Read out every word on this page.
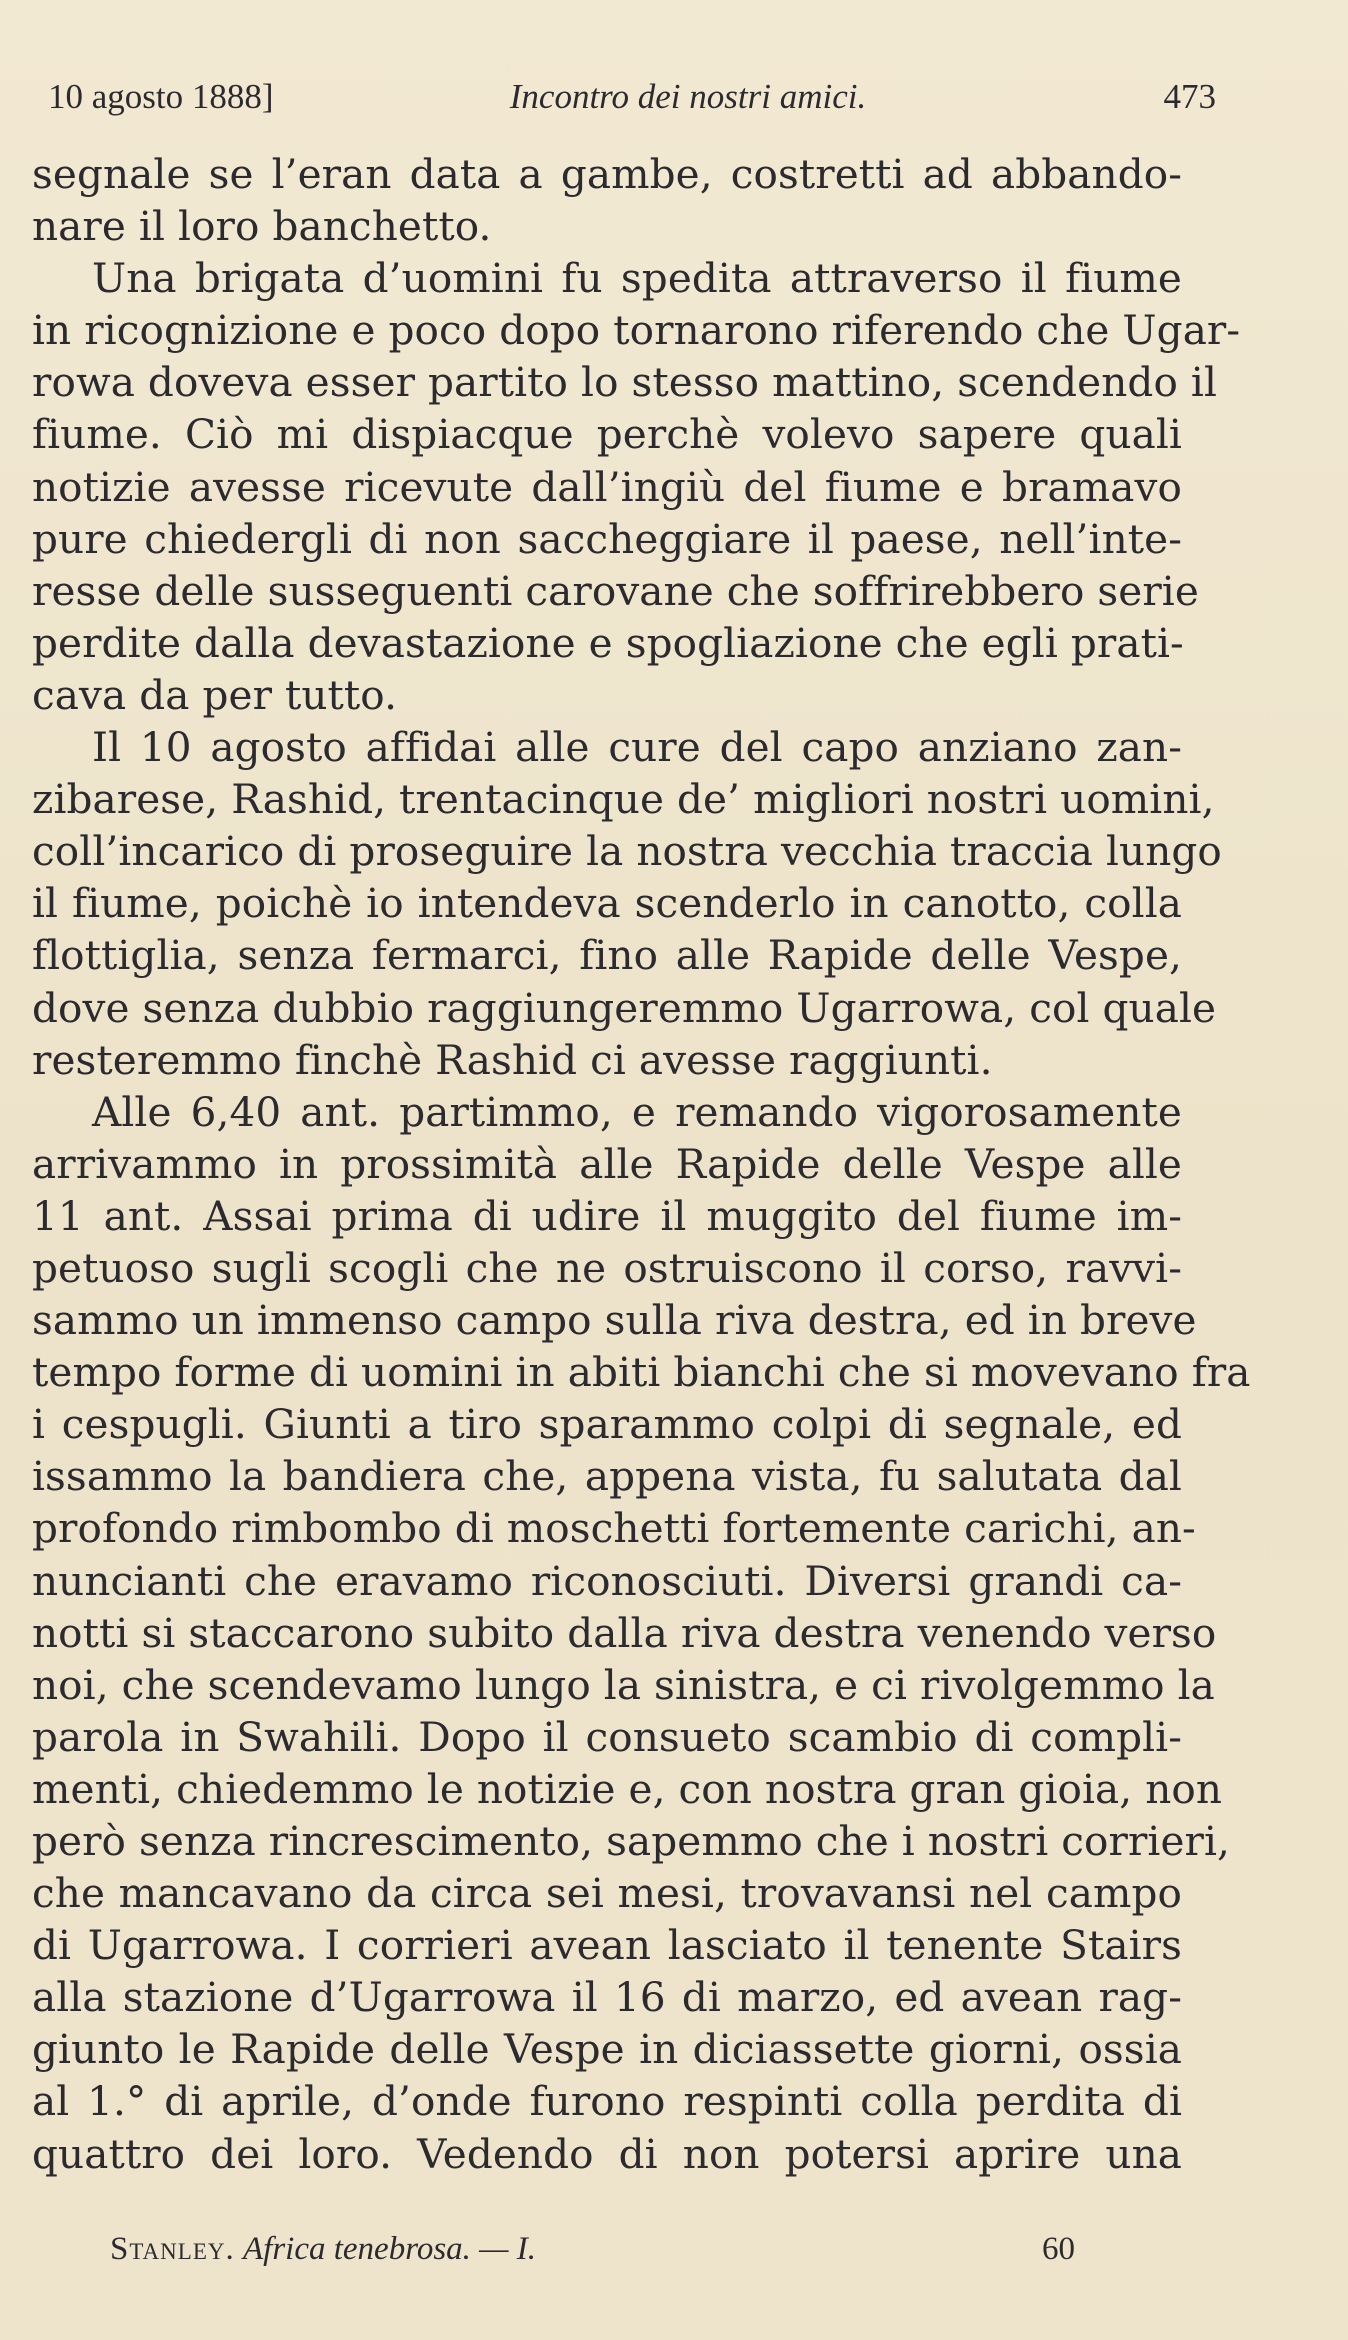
10 agosto 1888]	Incontro dei nostri amici.	473
segnale se l’eran data a gambe, costretti ad abbando-
nare il loro banchetto.
Una brigata d’uomini fu spedita attraverso il fiume
in ricognizione e poco dopo tornarono riferendo che Ugar-
rowa doveva esser partito lo stesso mattino, scendendo il
fiume. Ciò mi dispiacque perchè volevo sapere quali
notizie avesse ricevute dall’ingiù del fiume e bramavo
pure chiedergli di non saccheggiare il paese, nell’inte-
resse delle susseguenti carovane che soffrirebbero serie
perdite dalla devastazione e spogliazione che egli prati-
cava da per tutto.
Il 10 agosto affidai alle cure del capo anziano zan-
zibarese, Rashid, trentacinque de’ migliori nostri uomini,
coll’incarico di proseguire la nostra vecchia traccia lungo
il fiume, poichè io intendeva scenderlo in canotto, colla
flottiglia, senza fermarci, fino alle Rapide delle Vespe,
dove senza dubbio raggiungeremmo Ugarrowa, col quale
resteremmo finchè Rashid ci avesse raggiunti.
Alle 6,40 ant. partimmo, e remando vigorosamente
arrivammo in prossimità alle Rapide delle Vespe alle
11 ant. Assai prima di udire il muggito del fiume im-
petuoso sugli scogli che ne ostruiscono il corso, ravvi-
sammo un immenso campo sulla riva destra, ed in breve
tempo forme di uomini in abiti bianchi che si movevano fra
i cespugli. Giunti a tiro sparammo colpi di segnale, ed
issammo la bandiera che, appena vista, fu salutata dal
profondo rimbombo di moschetti fortemente carichi, an-
nuncianti che eravamo riconosciuti. Diversi grandi ca-
notti si staccarono subito dalla riva destra venendo verso
noi, che scendevamo lungo la sinistra, e ci rivolgemmo la
parola in Swahili. Dopo il consueto scambio di compli-
menti, chiedemmo le notizie e, con nostra gran gioia, non
però senza rincrescimento, sapemmo che i nostri corrieri,
che mancavano da circa sei mesi, trovavansi nel campo
di Ugarrowa. I corrieri avean lasciato il tenente Stairs
alla stazione d’Ugarrowa il 16 di marzo, ed avean rag-
giunto le Rapide delle Vespe in diciassette giorni, ossia
al 1.° di aprile, d’onde furono respinti colla perdita di
quattro dei loro. Vedendo di non potersi aprire una
Stanley. Africa tenebrosa. — I.	60
